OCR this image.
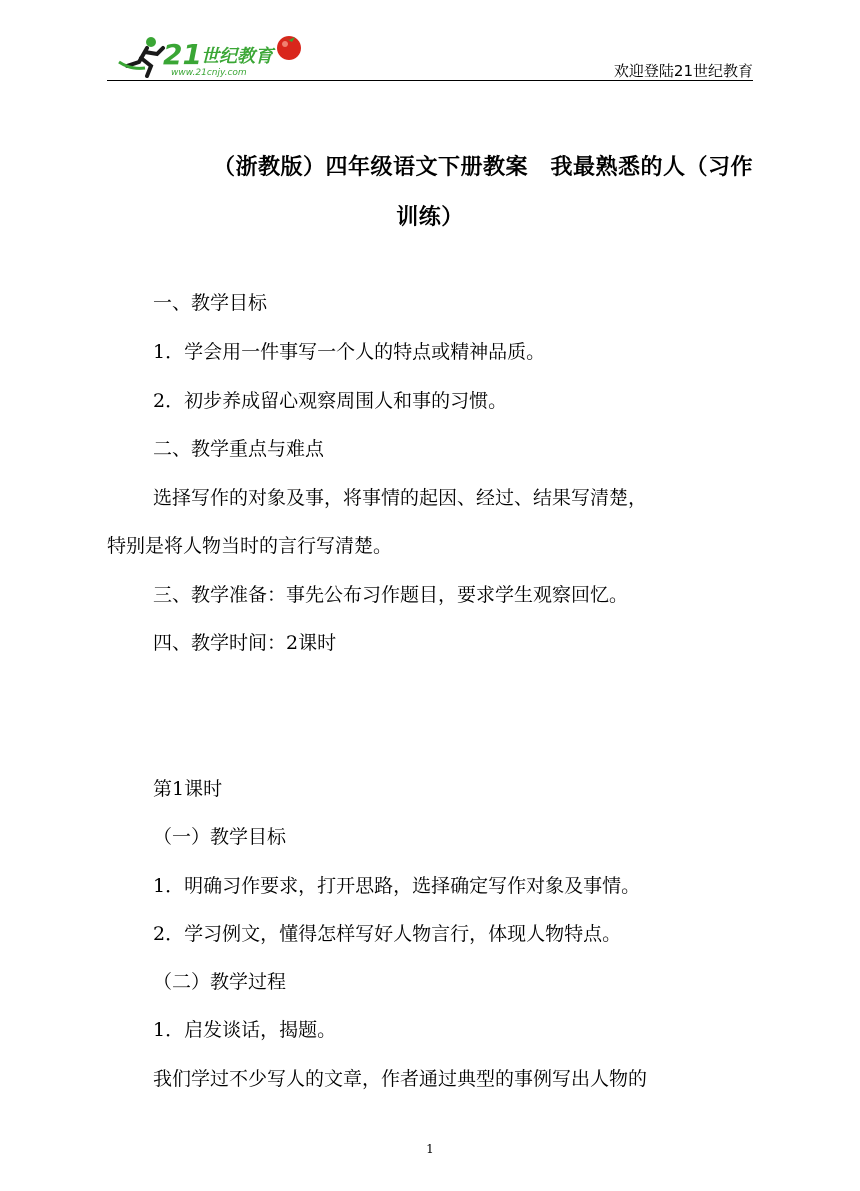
21 世纪教育
www.21cnjy.com	欢迎登陆21世纪教育
（浙教版）四年级语文下册教案　我最熟悉的人（习作
训练）
一、教学目标
1．学会用一件事写一个人的特点或精神品质。
2．初步养成留心观察周围人和事的习惯。
二、教学重点与难点
选择写作的对象及事，将事情的起因、经过、结果写清楚，
特别是将人物当时的言行写清楚。
三、教学准备：事先公布习作题目，要求学生观察回忆。
四、教学时间：2课时
第1课时
（一）教学目标
1．明确习作要求，打开思路，选择确定写作对象及事情。
2．学习例文，懂得怎样写好人物言行，体现人物特点。
（二）教学过程
1．启发谈话，揭题。
我们学过不少写人的文章，作者通过典型的事例写出人物的
1
